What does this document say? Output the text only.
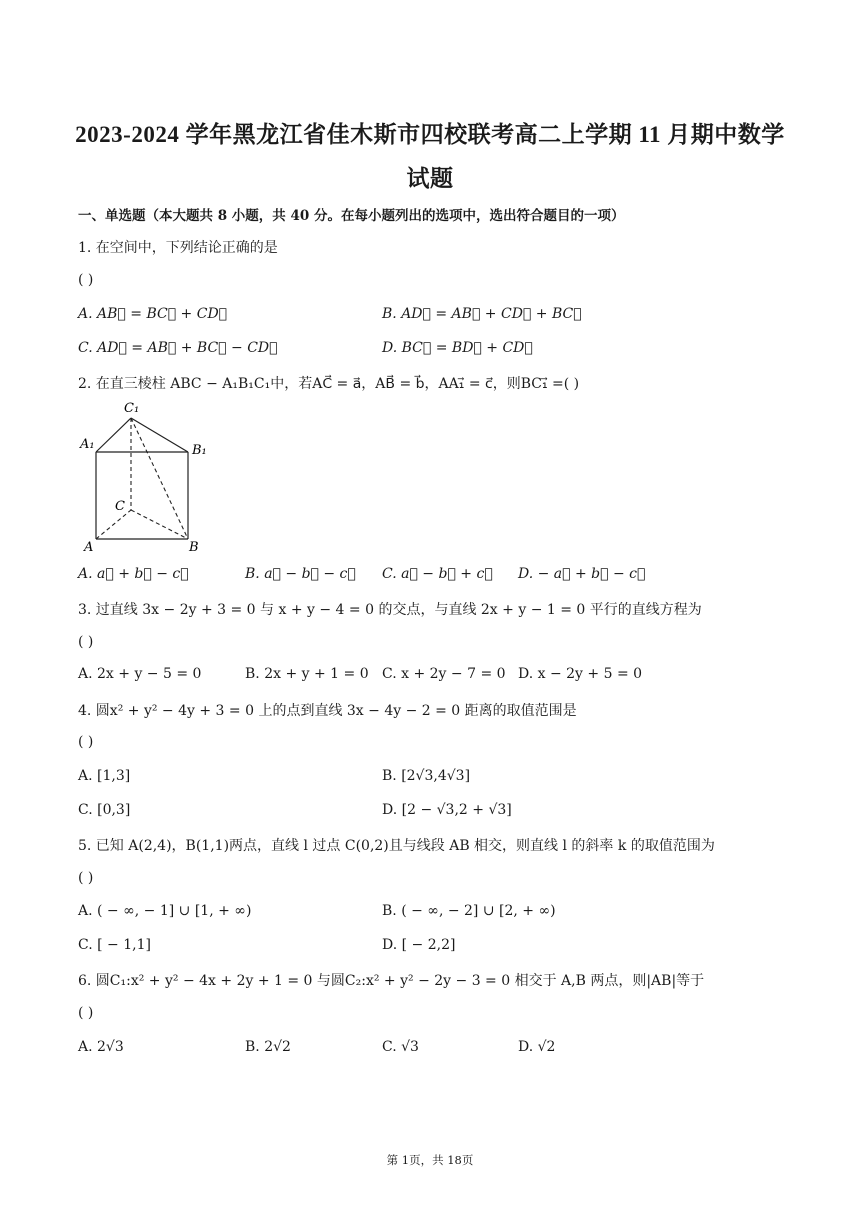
2023-2024 学年黑龙江省佳木斯市四校联考高二上学期 11 月期中数学
试题
一、单选题（本大题共 8 小题，共 40 分。在每小题列出的选项中，选出符合题目的一项）
1. 在空间中，下列结论正确的是
( )
A. AB⃗ = BC⃗ + CD⃗	B. AD⃗ = AB⃗ + CD⃗ + BC⃗
C. AD⃗ = AB⃗ + BC⃗ − CD⃗	D. BC⃗ = BD⃗ + CD⃗
2. 在直三棱柱 ABC − A₁B₁C₁中，若AC⃗ = a⃗，AB⃗ = b⃗，AA₁⃗ = c⃗，则BC₁⃗ =( )
C₁
A₁	B₁
C
A	B
A. a⃗ + b⃗ − c⃗	B. a⃗ − b⃗ − c⃗ C. a⃗ − b⃗ + c⃗ D. − a⃗ + b⃗ − c⃗
3. 过直线 3x − 2y + 3 = 0 与 x + y − 4 = 0 的交点，与直线 2x + y − 1 = 0 平行的直线方程为
( )
A. 2x + y − 5 = 0	B. 2x + y + 1 = 0 C. x + 2y − 7 = 0 D. x − 2y + 5 = 0
4. 圆x² + y² − 4y + 3 = 0 上的点到直线 3x − 4y − 2 = 0 距离的取值范围是
( )
A. [1,3]	B. [2√3,4√3]
C. [0,3]	D. [2 − √3,2 + √3]
5. 已知 A(2,4)，B(1,1)两点，直线 l 过点 C(0,2)且与线段 AB 相交，则直线 l 的斜率 k 的取值范围为
( )
A. ( − ∞, − 1] ∪ [1, + ∞)	B. ( − ∞, − 2] ∪ [2, + ∞)
C. [ − 1,1]	D. [ − 2,2]
6. 圆C₁:x² + y² − 4x + 2y + 1 = 0 与圆C₂:x² + y² − 2y − 3 = 0 相交于 A,B 两点，则|AB|等于
( )
A. 2√3	B. 2√2	C. √3	D. √2
第 1页，共 18页
